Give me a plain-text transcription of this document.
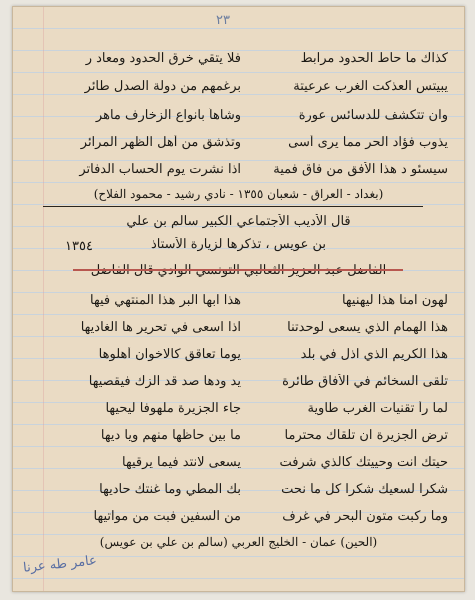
٢٣
كذاك ما حاط الحدود مرابط
فلا يتقي خرق الحدود ومعاد ر
يبيتس العذكت الغرب عرعيتة
برغمهم من دولة الصدل طائر
وان تتكشف للدسائس عورة
وشاهاً بأنواع الزخارف ماهر
يذوب فؤاد الحر مما يرى أسى
وتذشق من أهل الظهر المرائر
سيسئو د هذا الأفق من فاق فمية
اذا نشرت يوم الحساب الدفاتر
(بغداد - العراق - شعبان ١٣٥٥ - نادي رشيد - محمود الفلاح)
قال الأديب الأجتماعي الكبير سالم بن علي
بن عويس ، تذكرها لزيارة الأستاذ
١٣٥٤
لهون امنا هذا ليهنيها
هذا ابها البر هذا المنتهي فيها
هذا الهمام الذي يسعى لوحدتنا
اذا اسعى في تحرير ها الغاديها
هذا الكريم الذي اذل في بلد
يوما تعاقق كالاخوان أهلوها
تلقى السخائم في الأفاق طائرة
يد ودها صد قد الزك فيقصيها
لما رأ تقنيات الغرب طاوية
جاء الجزيرة ملهوفا ليحيها
ترض الجزيرة ان تلقاك محترما
ما بين حاظها منهم ويا ديها
حيتك انت وحييتك كالذي شرفت
يسعى لانتد فيما يرقيها
شكرا لسعيك شكرا كل ما نحت
بك المطي وما غنتك حاديها
وما ركبت متون البحر في غرف
من السفين فبت من مواتيها
(الحين) عمان - الخليج العربي (سالم بن علي بن عويس)
عامر طه عرنا
